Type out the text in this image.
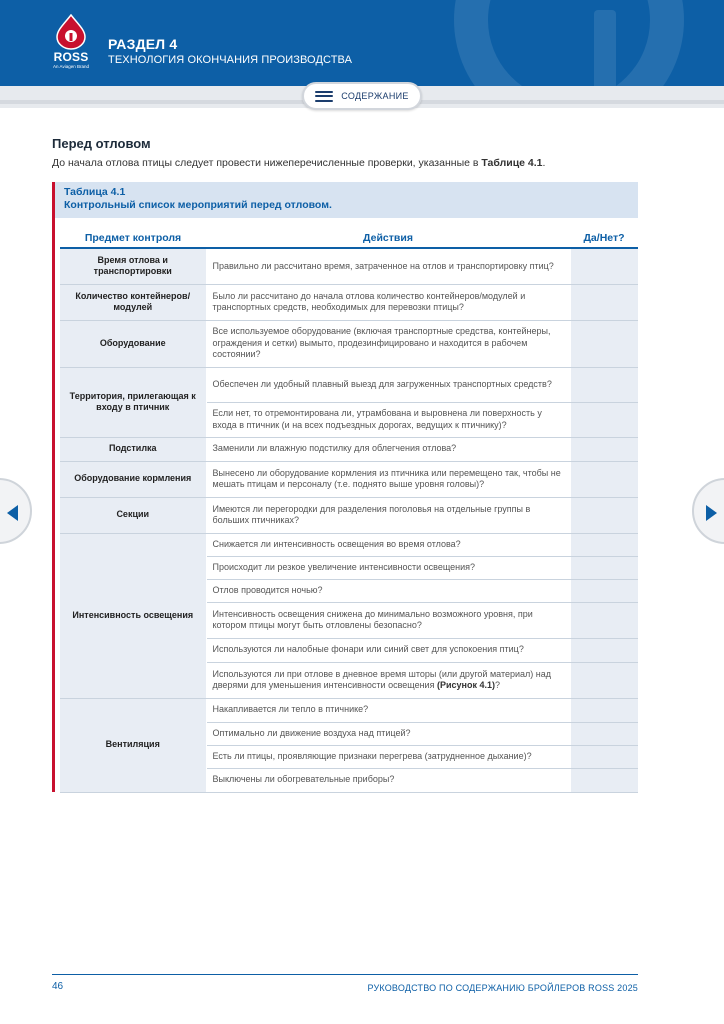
ROSS
An Aviagen Brand
РАЗДЕЛ 4
ТЕХНОЛОГИЯ ОКОНЧАНИЯ ПРОИЗВОДСТВА
СОДЕРЖАНИЕ
Перед отловом
До начала отлова птицы следует провести нижеперечисленные проверки, указанные в Таблице 4.1.
Таблица 4.1
Контрольный список мероприятий перед отловом.
Предмет контроля	Действия	Да/Нет?
Время отлова и транспортировки	Правильно ли рассчитано время, затраченное на отлов и транспортировку птиц?	
Количество контейнеров/модулей	Было ли рассчитано до начала отлова количество контейнеров/модулей и транспортных средств, необходимых для перевозки птицы?	
Оборудование	Все используемое оборудование (включая транспортные средства, контейнеры, ограждения и сетки) вымыто, продезинфицировано и находится в рабочем состоянии?	
Территория, прилегающая к входу в птичник	Обеспечен ли удобный плавный выезд для загруженных транспортных средств?	
	Если нет, то отремонтирована ли, утрамбована и выровнена ли поверхность у входа в птичник (и на всех подъездных дорогах, ведущих к птичнику)?	
Подстилка	Заменили ли влажную подстилку для облегчения отлова?	
Оборудование кормления	Вынесено ли оборудование кормления из птичника или перемещено так, чтобы не мешать птицам и персоналу (т.е. поднято выше уровня головы)?	
Секции	Имеются ли перегородки для разделения поголовья на отдельные группы в больших птичниках?	
Интенсивность освещения	Снижается ли интенсивность освещения во время отлова?	
	Происходит ли резкое увеличение интенсивности освещения?	
	Отлов проводится ночью?	
	Интенсивность освещения снижена до минимально возможного уровня, при котором птицы могут быть отловлены безопасно?	
	Используются ли налобные фонари или синий свет для успокоения птиц?	
	Используются ли при отлове в дневное время шторы (или другой материал) над дверями для уменьшения интенсивности освещения (Рисунок 4.1)?	
Вентиляция	Накапливается ли тепло в птичнике?	
	Оптимально ли движение воздуха над птицей?	
	Есть ли птицы, проявляющие признаки перегрева (затрудненное дыхание)?	
	Выключены ли обогревательные приборы?	
46	РУКОВОДСТВО ПО СОДЕРЖАНИЮ БРОЙЛЕРОВ ROSS 2025
